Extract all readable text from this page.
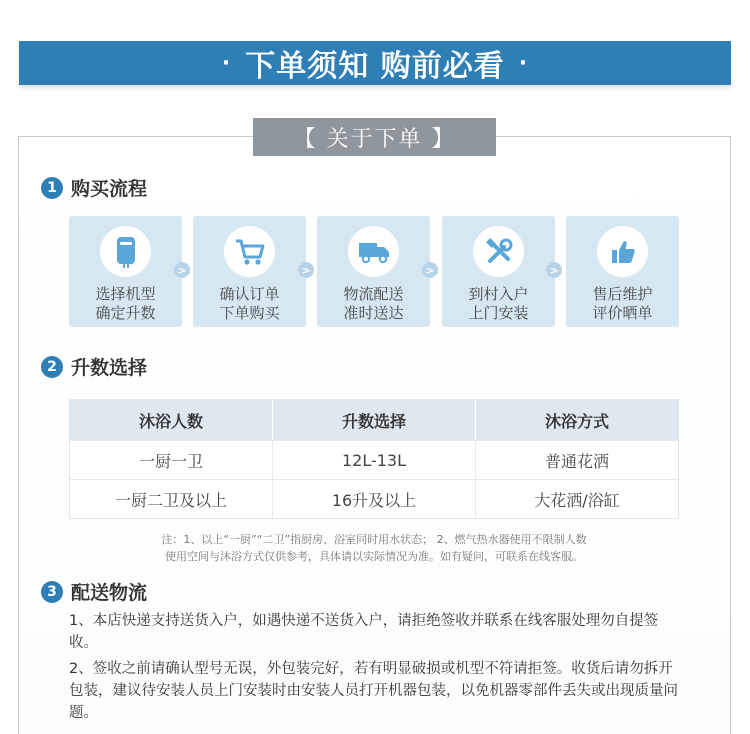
· 下单须知 购前必看 ·
【 关于下单 】
1 购买流程
选择机型
确定升数
>
确认订单
下单购买
>
物流配送
准时送达
>
到村入户
上门安装
>
售后维护
评价晒单
2 升数选择
沐浴人数	升数选择	沐浴方式
一厨一卫	12L-13L	普通花洒
一厨二卫及以上	16升及以上	大花洒/浴缸
注：1、以上“一厨”“二卫”指厨房、浴室同时用水状态； 2、燃气热水器使用不限制人数
使用空间与沐浴方式仅供参考，具体请以实际情况为准。如有疑问，可联系在线客服。
3 配送物流
1、本店快递支持送货入户，如遇快递不送货入户，请拒绝签收并联系在线客服处理勿自提签收。
2、签收之前请确认型号无误，外包装完好，若有明显破损或机型不符请拒签。收货后请勿拆开包装，建议待安装人员上门安装时由安装人员打开机器包装，以免机器零部件丢失或出现质量问题。
